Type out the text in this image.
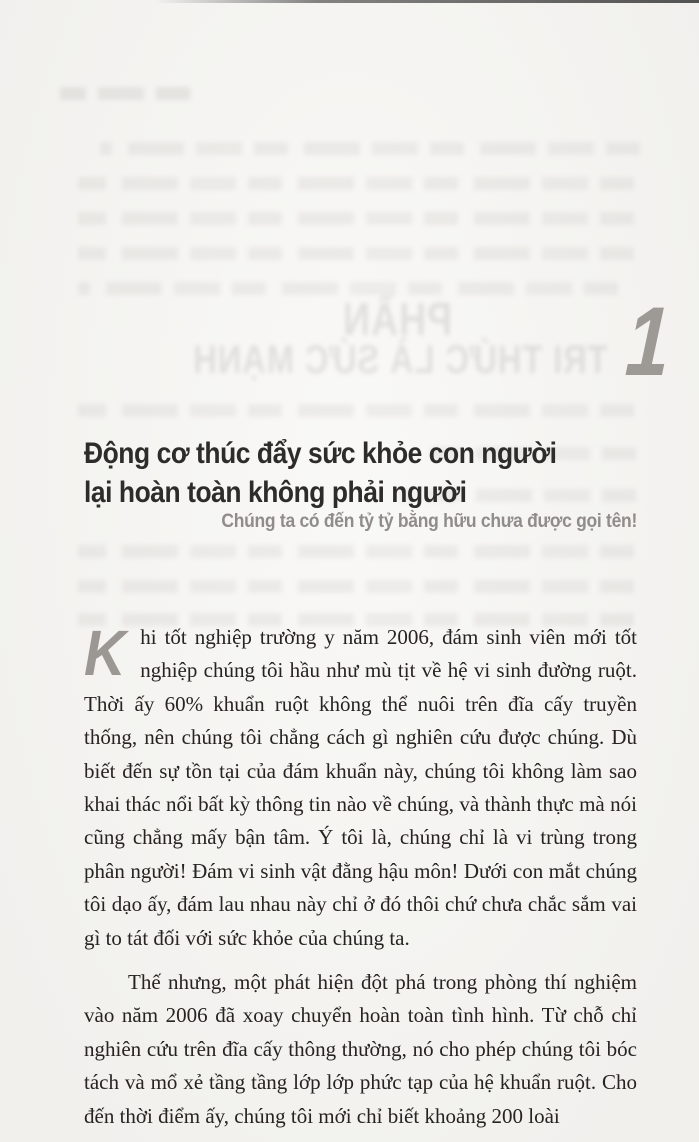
PHẦN
TRI THỨC LÀ SỨC MẠNH 1
Động cơ thúc đẩy sức khỏe con người
lại hoàn toàn không phải người
Chúng ta có đến tỷ tỷ bằng hữu chưa được gọi tên!

Khi tốt nghiệp trường y năm 2006, đám sinh viên mới tốt nghiệp chúng tôi hầu như mù tịt về hệ vi sinh đường ruột. Thời ấy 60% khuẩn ruột không thể nuôi trên đĩa cấy truyền thống, nên chúng tôi chẳng cách gì nghiên cứu được chúng. Dù biết đến sự tồn tại của đám khuẩn này, chúng tôi không làm sao khai thác nổi bất kỳ thông tin nào về chúng, và thành thực mà nói cũng chẳng mấy bận tâm. Ý tôi là, chúng chỉ là vi trùng trong phân người! Đám vi sinh vật đằng hậu môn! Dưới con mắt chúng tôi dạo ấy, đám lau nhau này chỉ ở đó thôi chứ chưa chắc sắm vai gì to tát đối với sức khỏe của chúng ta.

Thế nhưng, một phát hiện đột phá trong phòng thí nghiệm vào năm 2006 đã xoay chuyển hoàn toàn tình hình. Từ chỗ chỉ nghiên cứu trên đĩa cấy thông thường, nó cho phép chúng tôi bóc tách và mổ xẻ tầng tầng lớp lớp phức tạp của hệ khuẩn ruột. Cho đến thời điểm ấy, chúng tôi mới chỉ biết khoảng 200 loài
